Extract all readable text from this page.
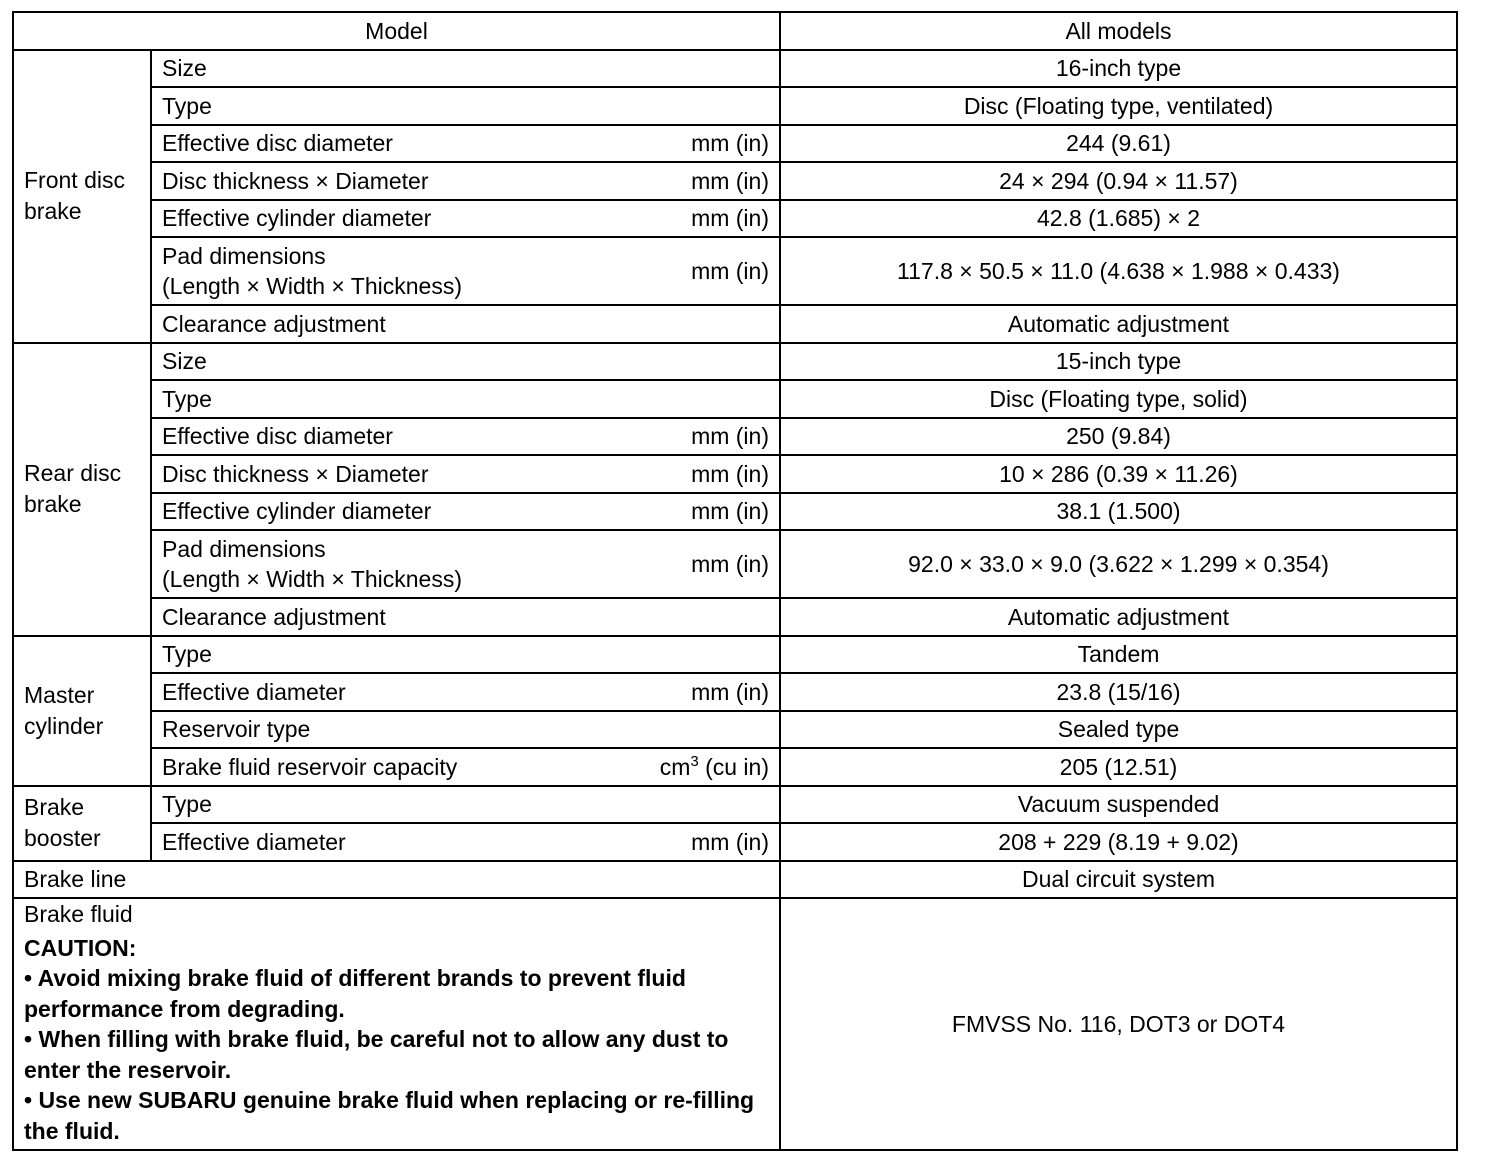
Model		All models
Front disc brake	Size	16-inch type

	Type	Disc (Floating type, ventilated)

	Effective disc diameter mm (in)	244 (9.61)

	Disc thickness × Diameter mm (in)	24 × 294 (0.94 × 11.57)

	Effective cylinder diameter mm (in)	42.8 (1.685) × 2

	Pad dimensions
(Length × Width × Thickness)
mm (in)	117.8 × 50.5 × 11.0 (4.638 × 1.988 × 0.433)

	Clearance adjustment	Automatic adjustment
Rear disc brake	Size	15-inch type

	Type	Disc (Floating type, solid)

	Effective disc diameter mm (in)	250 (9.84)

	Disc thickness × Diameter mm (in)	10 × 286 (0.39 × 11.26)

	Effective cylinder diameter mm (in)	38.1 (1.500)

	Pad dimensions
(Length × Width × Thickness)
mm (in)	92.0 × 33.0 × 9.0 (3.622 × 1.299 × 0.354)

	Clearance adjustment	Automatic adjustment
Master cylinder	Type	Tandem

	Effective diameter mm (in)	23.8 (15/16)

	Reservoir type	Sealed type

	Brake fluid reservoir capacity $cm^3$ (cu in)	205 (12.51)
Brake booster	Type	Vacuum suspended

	Effective diameter mm (in)	208 + 229 (8.19 + 9.02)
Brake line		Dual circuit system

Brake fluid
CAUTION:
• Avoid mixing brake fluid of different brands to prevent fluid performance from degrading.
• When filling with brake fluid, be careful not to allow any dust to enter the reservoir.
• Use new SUBARU genuine brake fluid when replacing or re-filling the fluid.		FMVSS No. 116, DOT3 or DOT4
